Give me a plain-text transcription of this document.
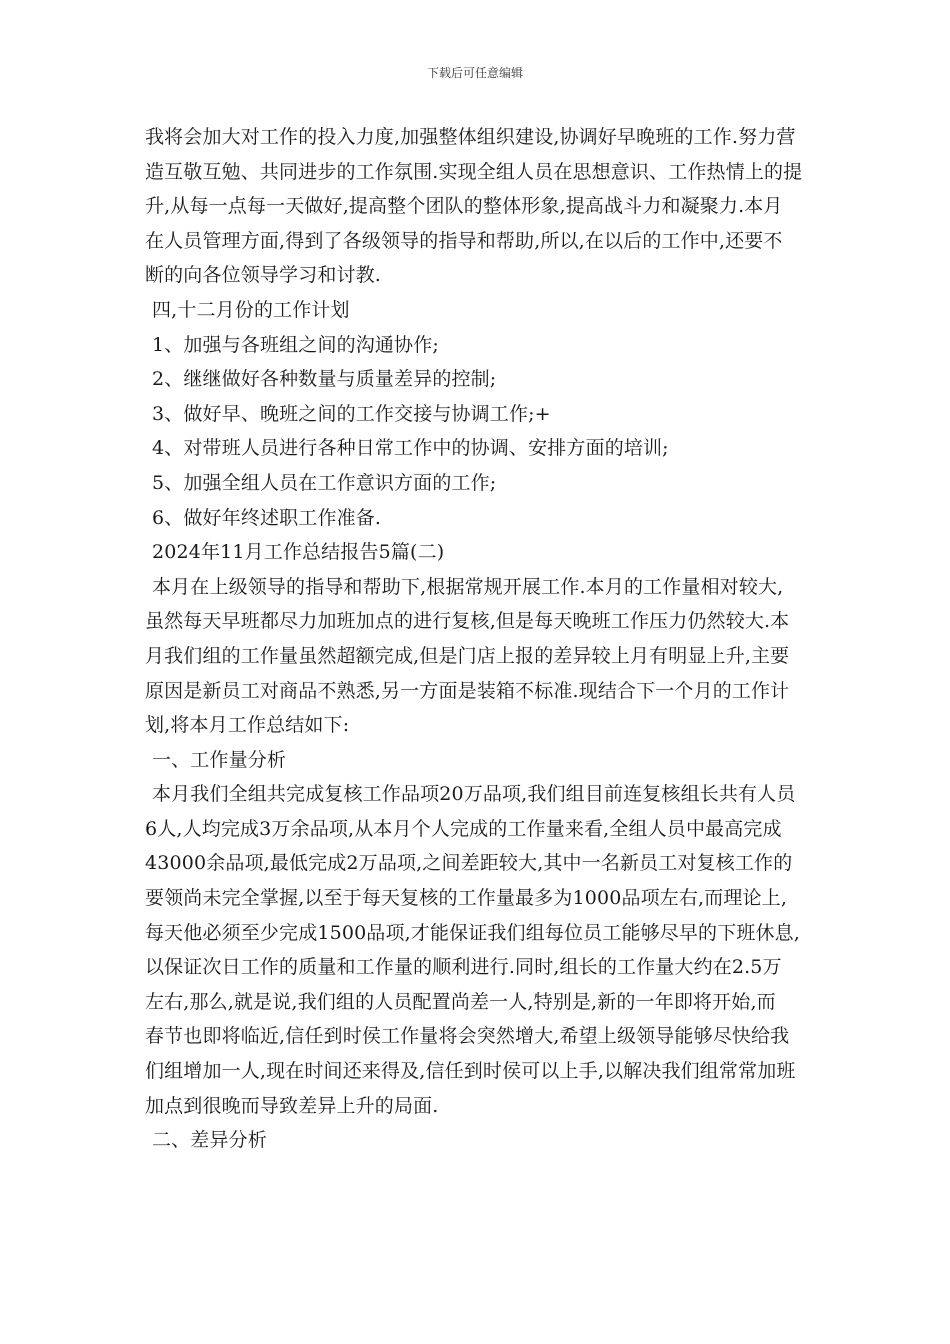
下载后可任意编辑
我将会加大对工作的投入力度,加强整体组织建设,协调好早晚班的工作.努力营
造互敬互勉、共同进步的工作氛围.实现全组人员在思想意识、工作热情上的提
升,从每一点每一天做好,提高整个团队的整体形象,提高战斗力和凝聚力.本月
在人员管理方面,得到了各级领导的指导和帮助,所以,在以后的工作中,还要不
断的向各位领导学习和讨教.
四,十二月份的工作计划
1、加强与各班组之间的沟通协作;
2、继继做好各种数量与质量差异的控制;
3、做好早、晚班之间的工作交接与协调工作;+
4、对带班人员进行各种日常工作中的协调、安排方面的培训;
5、加强全组人员在工作意识方面的工作;
6、做好年终述职工作准备.
2024年11月工作总结报告5篇(二)
本月在上级领导的指导和帮助下,根据常规开展工作.本月的工作量相对较大,
虽然每天早班都尽力加班加点的进行复核,但是每天晚班工作压力仍然较大.本
月我们组的工作量虽然超额完成,但是门店上报的差异较上月有明显上升,主要
原因是新员工对商品不熟悉,另一方面是装箱不标准.现结合下一个月的工作计
划,将本月工作总结如下:
一、工作量分析
本月我们全组共完成复核工作品项20万品项,我们组目前连复核组长共有人员
6人,人均完成3万余品项,从本月个人完成的工作量来看,全组人员中最高完成
43000余品项,最低完成2万品项,之间差距较大,其中一名新员工对复核工作的
要领尚未完全掌握,以至于每天复核的工作量最多为1000品项左右,而理论上,
每天他必须至少完成1500品项,才能保证我们组每位员工能够尽早的下班休息,
以保证次日工作的质量和工作量的顺利进行.同时,组长的工作量大约在2.5万
左右,那么,就是说,我们组的人员配置尚差一人,特别是,新的一年即将开始,而
春节也即将临近,信任到时侯工作量将会突然增大,希望上级领导能够尽快给我
们组增加一人,现在时间还来得及,信任到时侯可以上手,以解决我们组常常加班
加点到很晚而导致差异上升的局面.
二、差异分析
